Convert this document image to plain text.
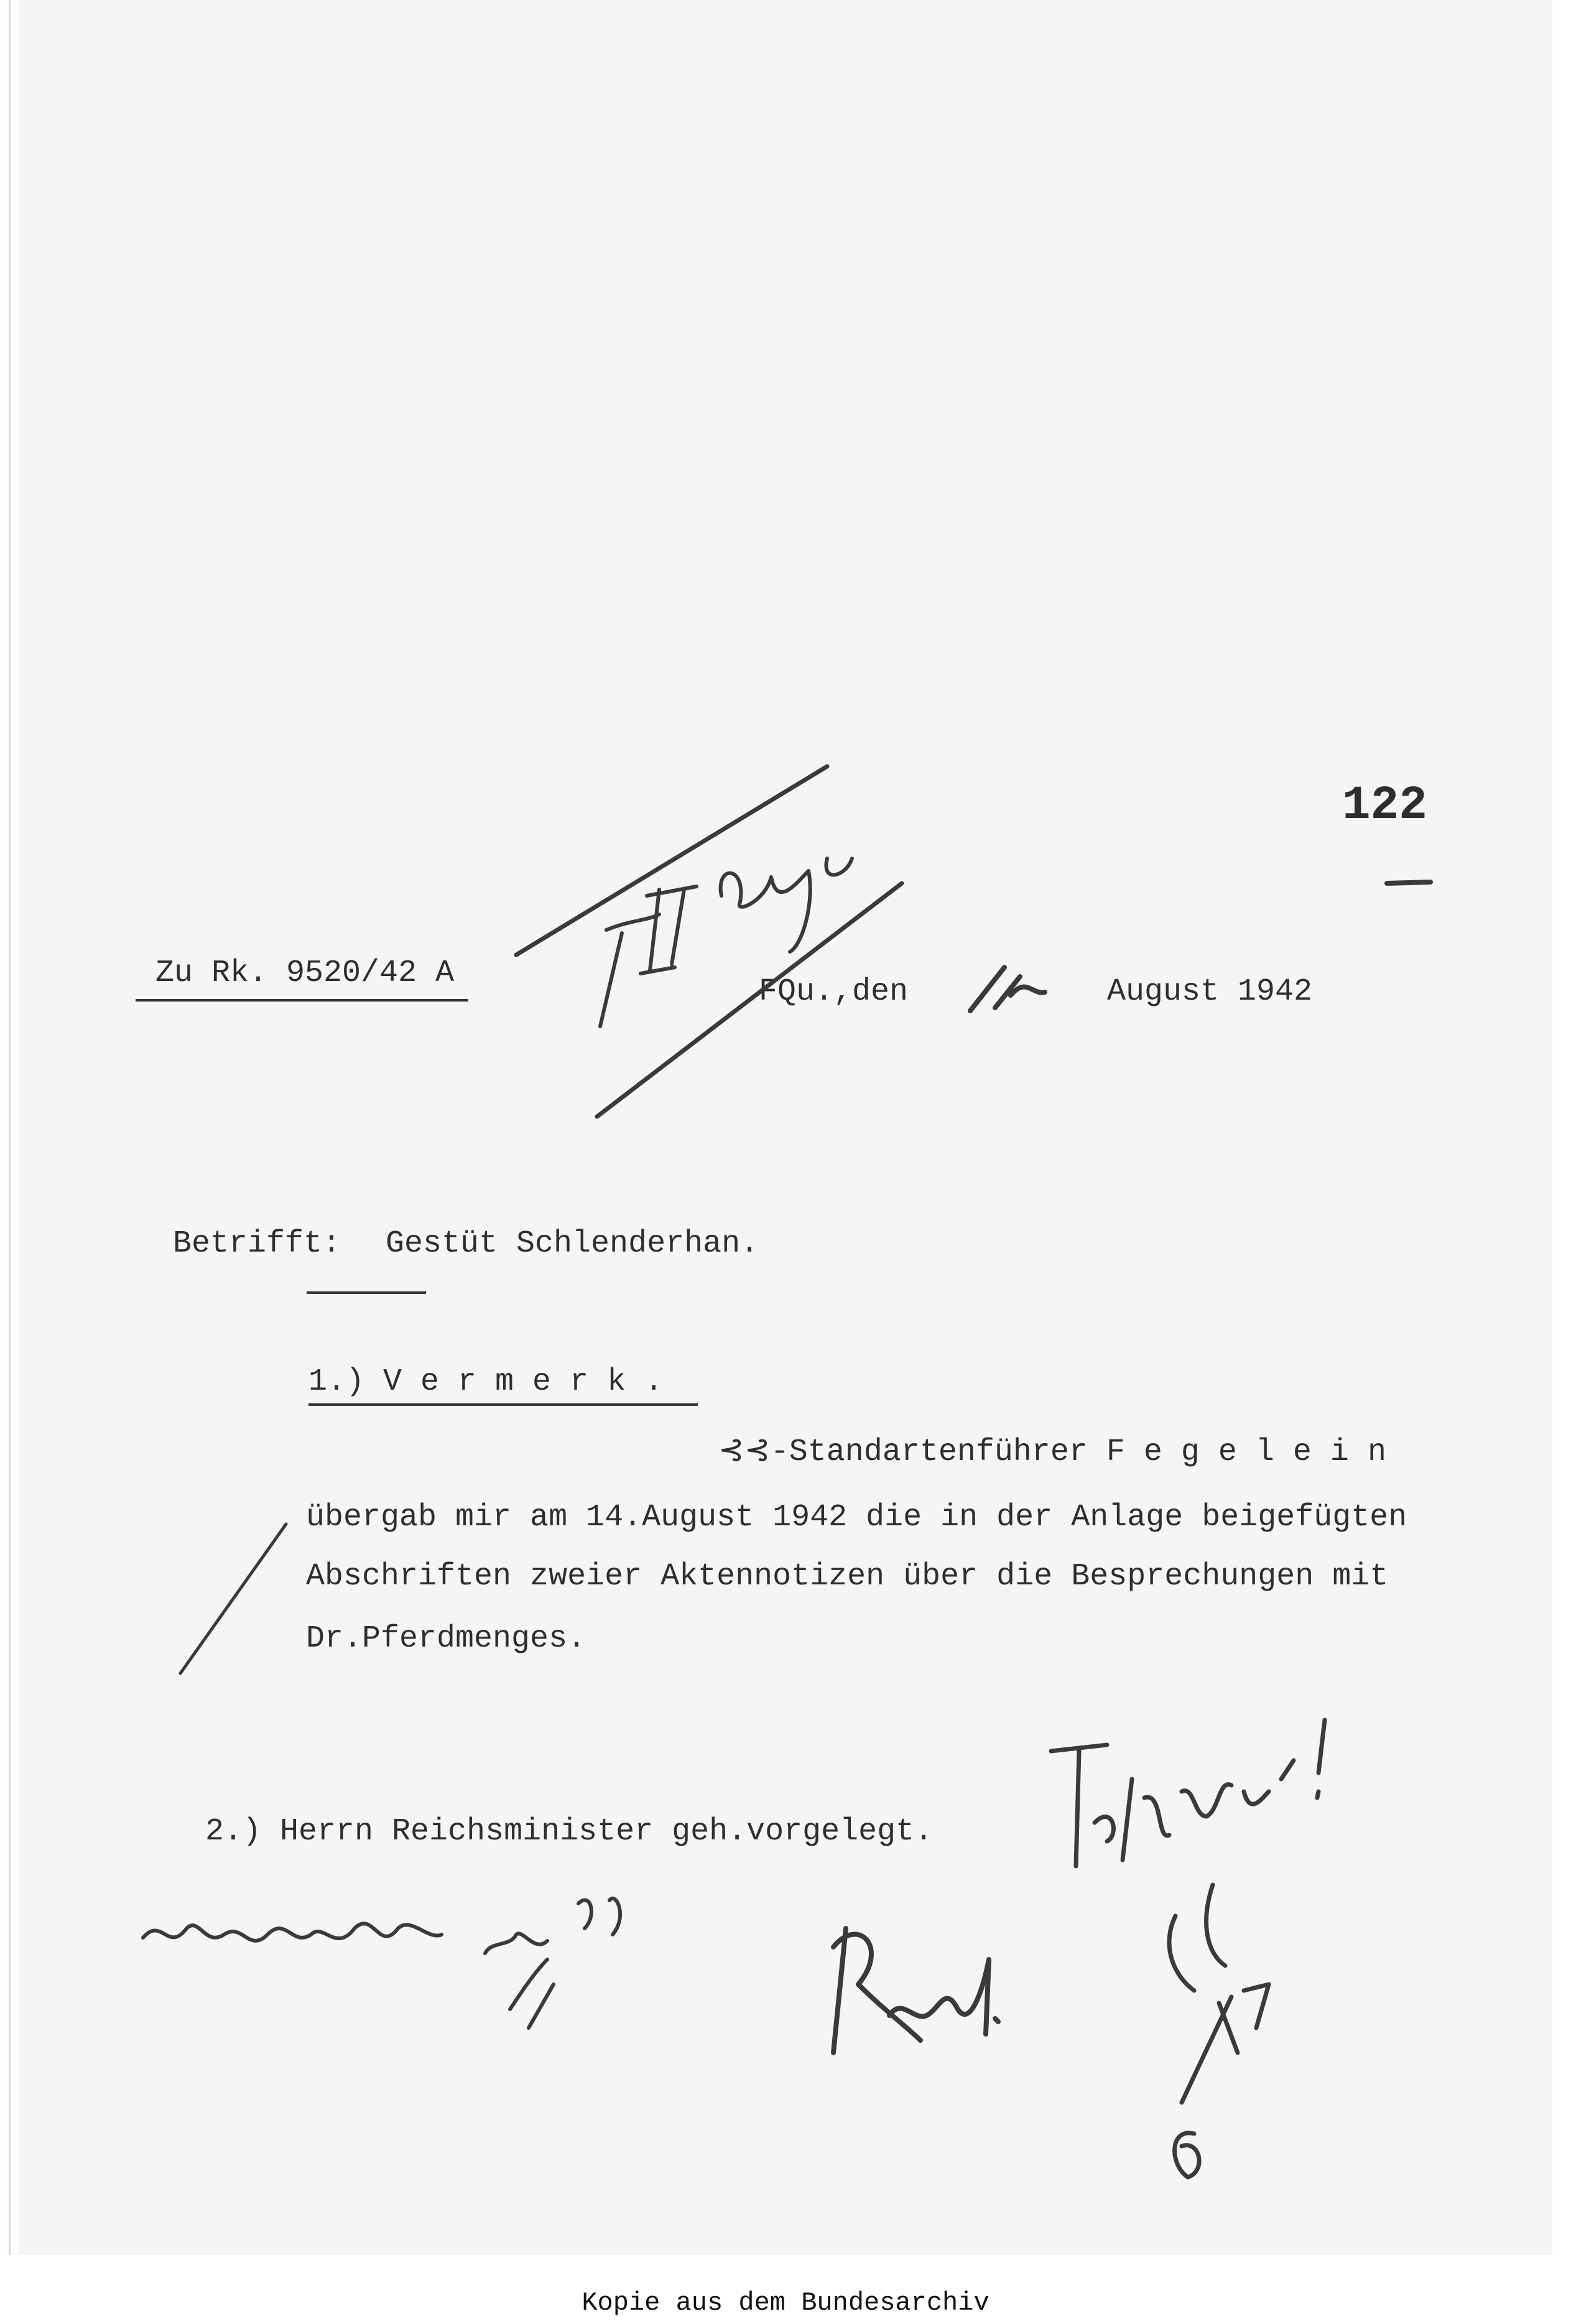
122
Zu Rk. 9520/42 A
FQu.,den	August 1942
Betrifft: Gestüt Schlenderhan.
1.) V e r m e r k .
⊰⊰-Standartenführer F e g e l e i n
übergab mir am 14.August 1942 die in der Anlage beigefügten
Abschriften zweier Aktennotizen über die Besprechungen mit
Dr.Pferdmenges.
2.) Herrn Reichsminister geh.vorgelegt.
Kopie aus dem Bundesarchiv
